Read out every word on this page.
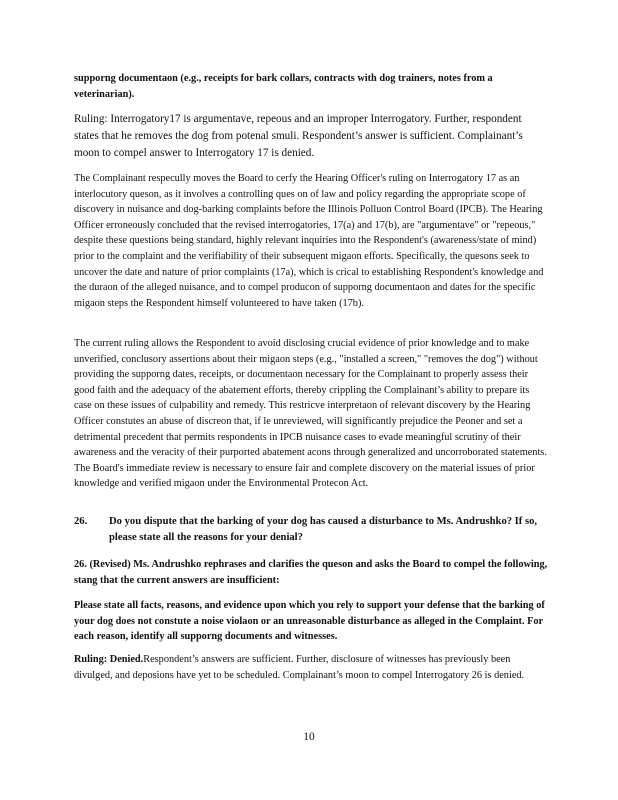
supporng documentaon (e.g., receipts for bark collars, contracts with dog trainers, notes from a veterinarian).

Ruling: Interrogatory17 is argumentave, repeous and an improper Interrogatory. Further, respondent states that he removes the dog from potenal smuli. Respondent’s answer is sufficient. Complainant’s moon to compel answer to Interrogatory 17 is denied.

The Complainant respecully moves the Board to cerfy the Hearing Officer's ruling on Interrogatory 17 as an interlocutory queson, as it involves a controlling ques on of law and policy regarding the appropriate scope of discovery in nuisance and dog-barking complaints before the Illinois Polluon Control Board (IPCB). The Hearing Officer erroneously concluded that the revised interrogatories, 17(a) and 17(b), are "argumentave" or "repeous," despite these questions being standard, highly relevant inquiries into the Respondent's (awareness/state of mind) prior to the complaint and the verifiability of their subsequent migaon efforts. Specifically, the quesons seek to uncover the date and nature of prior complaints (17a), which is crical to establishing Respondent's knowledge and the duraon of the alleged nuisance, and to compel producon of supporng documentaon and dates for the specific migaon steps the Respondent himself volunteered to have taken (17b).

The current ruling allows the Respondent to avoid disclosing crucial evidence of prior knowledge and to make unverified, conclusory assertions about their migaon steps (e.g., "installed a screen," "removes the dog") without providing the supporng dates, receipts, or documentaon necessary for the Complainant to properly assess their good faith and the adequacy of the abatement efforts, thereby crippling the Complainant’s ability to prepare its case on these issues of culpability and remedy. This restricve interpretaon of relevant discovery by the Hearing Officer constutes an abuse of discreon that, if le unreviewed, will significantly prejudice the Peoner and set a detrimental precedent that permits respondents in IPCB nuisance cases to evade meaningful scrutiny of their awareness and the veracity of their purported abatement acons through generalized and uncorroborated statements. The Board's immediate review is necessary to ensure fair and complete discovery on the material issues of prior knowledge and verified migaon under the Environmental Protecon Act.

26. Do you dispute that the barking of your dog has caused a disturbance to Ms. Andrushko? If so, please state all the reasons for your denial?

26. (Revised) Ms. Andrushko rephrases and clarifies the queson and asks the Board to compel the following, stang that the current answers are insufficient:

Please state all facts, reasons, and evidence upon which you rely to support your defense that the barking of your dog does not constute a noise violaon or an unreasonable disturbance as alleged in the Complaint. For each reason, identify all supporng documents and witnesses.

Ruling: Denied.Respondent’s answers are sufficient. Further, disclosure of witnesses has previously been divulged, and deposions have yet to be scheduled. Complainant’s moon to compel Interrogatory 26 is denied.

10
